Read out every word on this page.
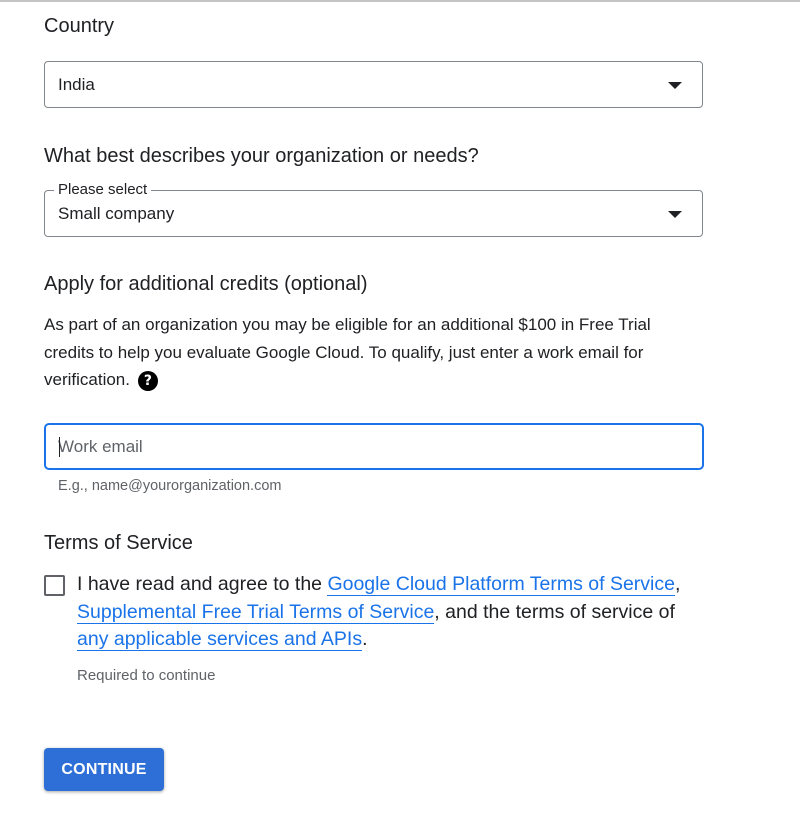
Country
India
What best describes your organization or needs?
Please select
Small company
Apply for additional credits (optional)
As part of an organization you may be eligible for an additional $100 in Free Trial credits to help you evaluate Google Cloud. To qualify, just enter a work email for verification. ?
Work email
E.g., name@yourorganization.com
Terms of Service
I have read and agree to the Google Cloud Platform Terms of Service, Supplemental Free Trial Terms of Service, and the terms of service of any applicable services and APIs.
Required to continue
CONTINUE
